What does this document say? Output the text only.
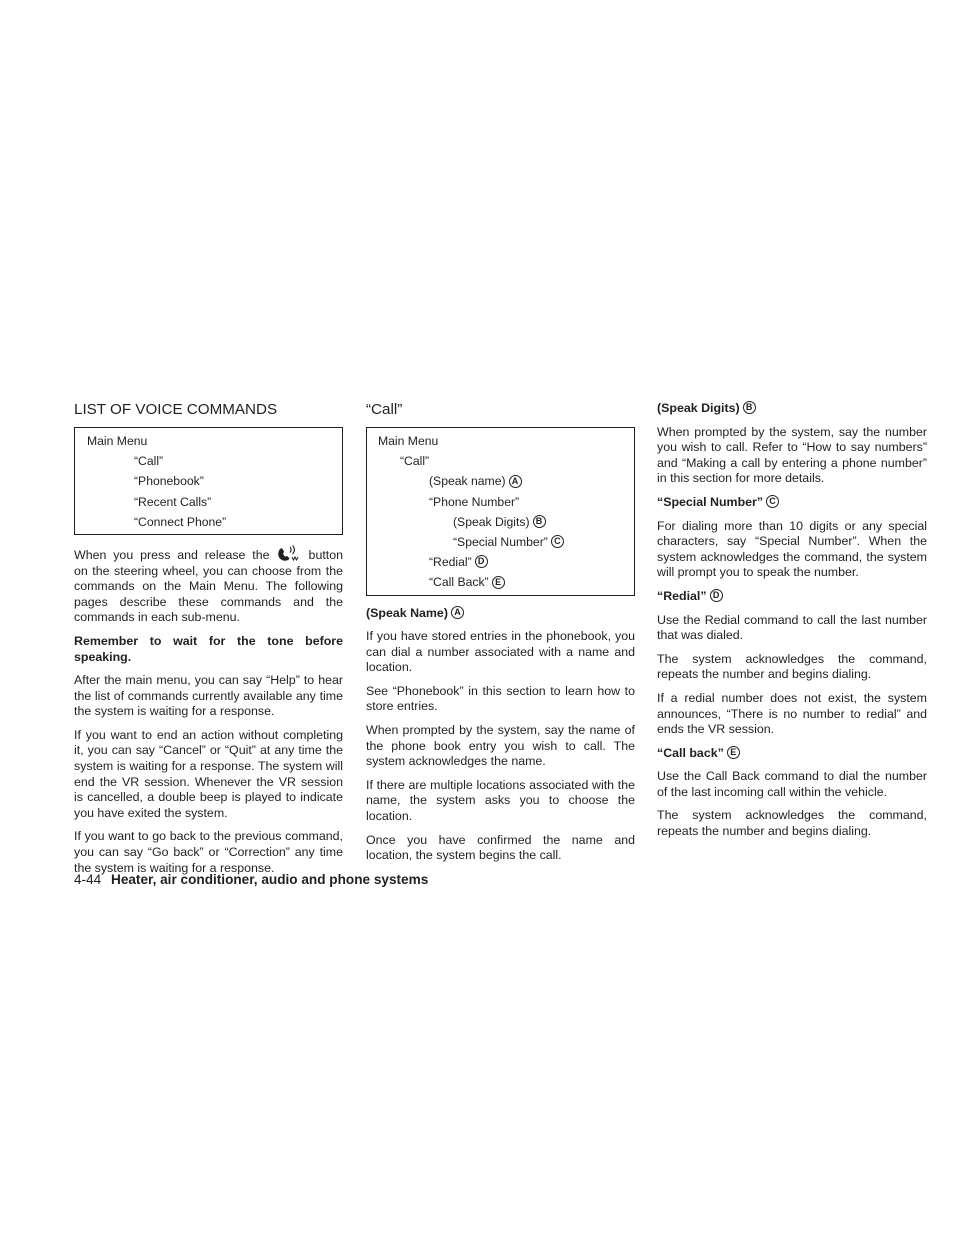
LIST OF VOICE COMMANDS
Main Menu
“Call”
“Phonebook”
“Recent Calls”
“Connect Phone”

When you press and release the	button on the steering wheel, you can choose from the commands on the Main Menu. The following pages describe these commands and the commands in each sub-menu.

Remember to wait for the tone before speaking.

After the main menu, you can say “Help” to hear the list of commands currently available any time the system is waiting for a response.

If you want to end an action without completing it, you can say “Cancel” or “Quit” at any time the system is waiting for a response. The system will end the VR session. Whenever the VR session is cancelled, a double beep is played to indicate you have exited the system.

If you want to go back to the previous command, you can say “Go back” or “Correction” any time the system is waiting for a response.

“Call”
Main Menu
“Call”
(Speak name) A
“Phone Number”
(Speak Digits) B
“Special Number” C
“Redial” D
“Call Back” E

(Speak Name) A

If you have stored entries in the phonebook, you can dial a number associated with a name and location.

See “Phonebook” in this section to learn how to store entries.

When prompted by the system, say the name of the phone book entry you wish to call. The system acknowledges the name.

If there are multiple locations associated with the name, the system asks you to choose the location.

Once you have confirmed the name and location, the system begins the call.

(Speak Digits) B

When prompted by the system, say the number you wish to call. Refer to “How to say numbers” and “Making a call by entering a phone number” in this section for more details.

“Special Number” C

For dialing more than 10 digits or any special characters, say “Special Number”. When the system acknowledges the command, the system will prompt you to speak the number.

“Redial” D

Use the Redial command to call the last number that was dialed.

The system acknowledges the command, repeats the number and begins dialing.

If a redial number does not exist, the system announces, “There is no number to redial” and ends the VR session.

“Call back” E

Use the Call Back command to dial the number of the last incoming call within the vehicle.

The system acknowledges the command, repeats the number and begins dialing.

4-44 Heater, air conditioner, audio and phone systems
